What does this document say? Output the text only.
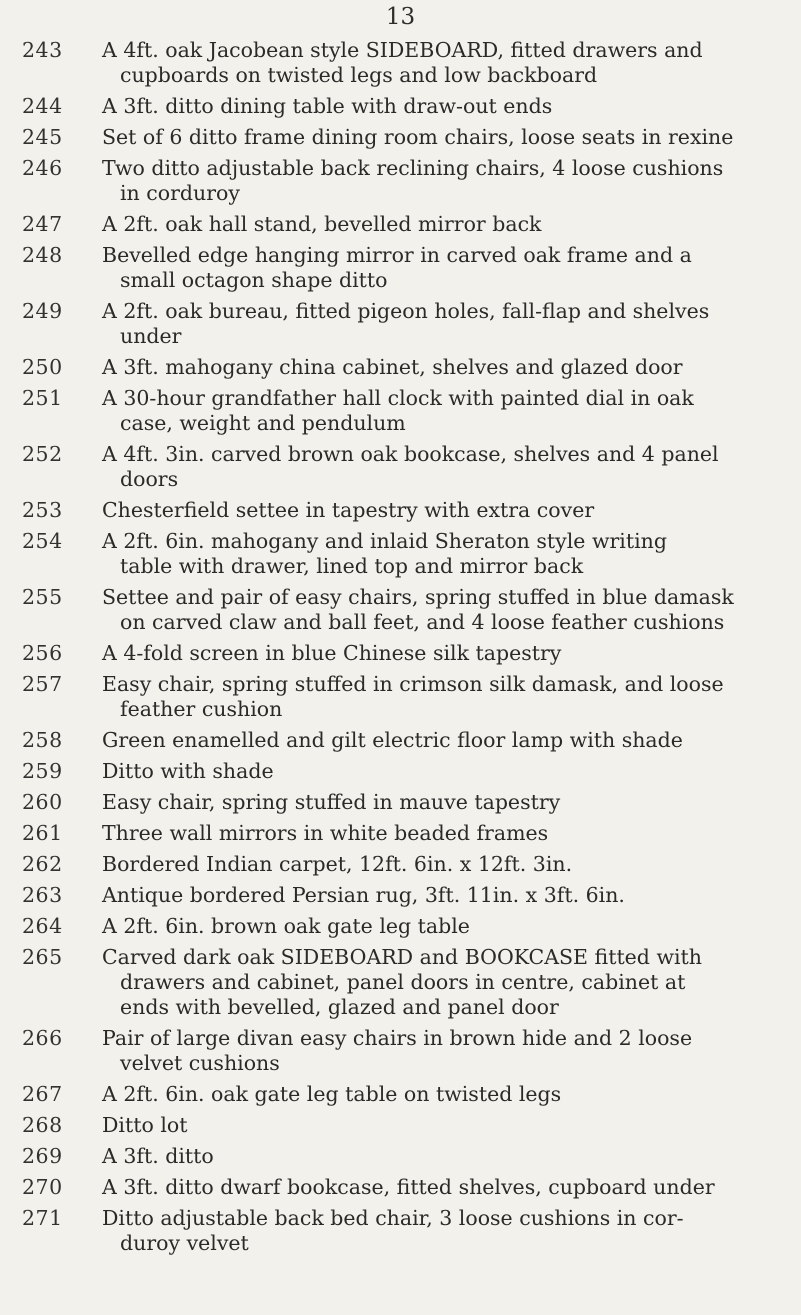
13
243	A 4ft. oak Jacobean style SIDEBOARD, fitted drawers and
cupboards on twisted legs and low backboard
244	A 3ft. ditto dining table with draw-out ends
245	Set of 6 ditto frame dining room chairs, loose seats in rexine
246	Two ditto adjustable back reclining chairs, 4 loose cushions
in corduroy
247	A 2ft. oak hall stand, bevelled mirror back
248	Bevelled edge hanging mirror in carved oak frame and a
small octagon shape ditto
249	A 2ft. oak bureau, fitted pigeon holes, fall-flap and shelves
under
250	A 3ft. mahogany china cabinet, shelves and glazed door
251	A 30-hour grandfather hall clock with painted dial in oak
case, weight and pendulum
252	A 4ft. 3in. carved brown oak bookcase, shelves and 4 panel
doors
253	Chesterfield settee in tapestry with extra cover
254	A 2ft. 6in. mahogany and inlaid Sheraton style writing
table with drawer, lined top and mirror back
255	Settee and pair of easy chairs, spring stuffed in blue damask
on carved claw and ball feet, and 4 loose feather cushions
256	A 4-fold screen in blue Chinese silk tapestry
257	Easy chair, spring stuffed in crimson silk damask, and loose
feather cushion
258	Green enamelled and gilt electric floor lamp with shade
259	Ditto with shade
260	Easy chair, spring stuffed in mauve tapestry
261	Three wall mirrors in white beaded frames
262	Bordered Indian carpet, 12ft. 6in. x 12ft. 3in.
263	Antique bordered Persian rug, 3ft. 11in. x 3ft. 6in.
264	A 2ft. 6in. brown oak gate leg table
265	Carved dark oak SIDEBOARD and BOOKCASE fitted with
drawers and cabinet, panel doors in centre, cabinet at
ends with bevelled, glazed and panel door
266	Pair of large divan easy chairs in brown hide and 2 loose
velvet cushions
267	A 2ft. 6in. oak gate leg table on twisted legs
268	Ditto lot
269	A 3ft. ditto
270	A 3ft. ditto dwarf bookcase, fitted shelves, cupboard under
271	Ditto adjustable back bed chair, 3 loose cushions in cor-
duroy velvet
